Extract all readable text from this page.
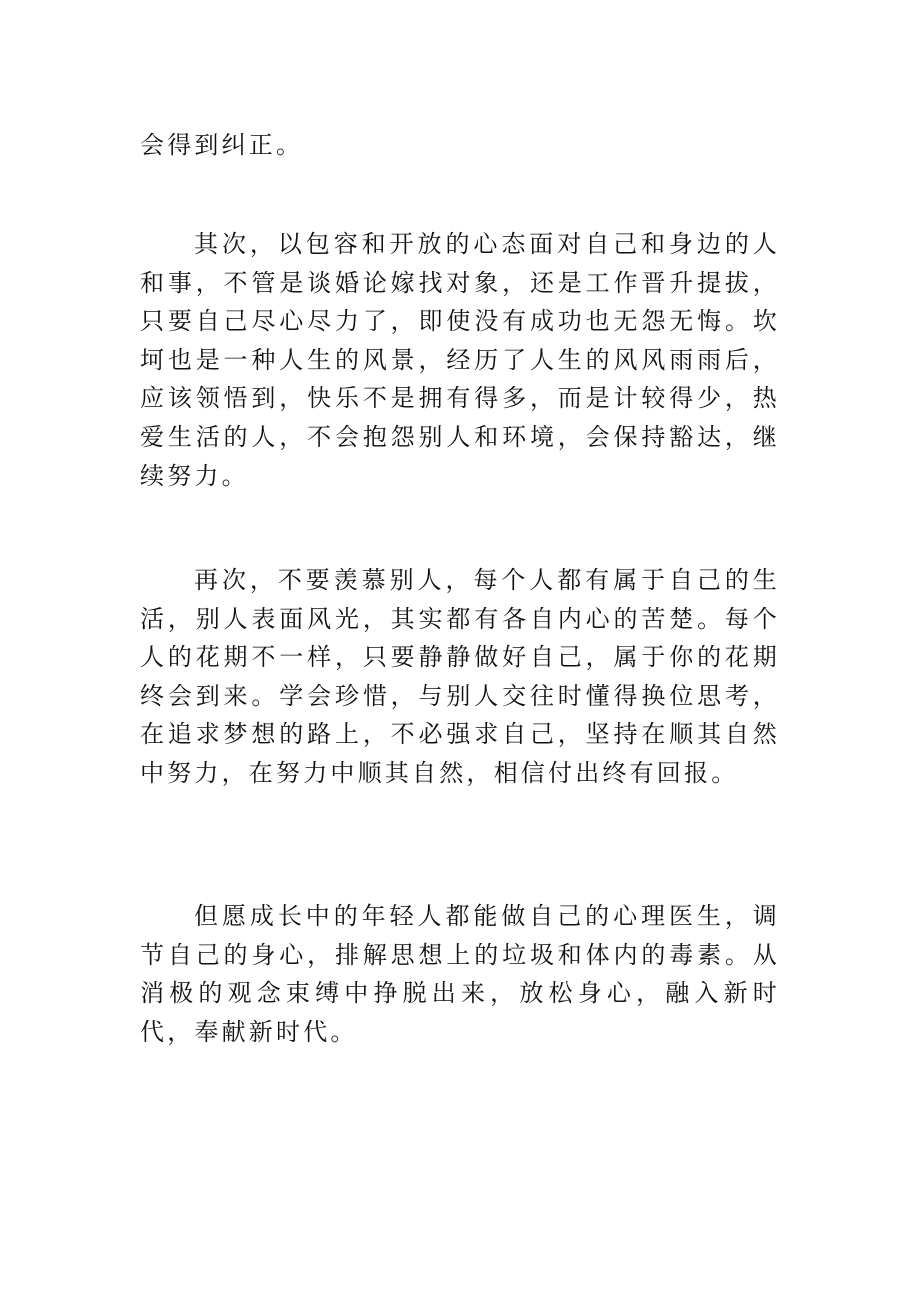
会得到纠正。

其次，以包容和开放的心态面对自己和身边的人和事，不管是谈婚论嫁找对象，还是工作晋升提拔，只要自己尽心尽力了，即使没有成功也无怨无悔。坎坷也是一种人生的风景，经历了人生的风风雨雨后，应该领悟到，快乐不是拥有得多，而是计较得少，热爱生活的人，不会抱怨别人和环境，会保持豁达，继续努力。

再次，不要羡慕别人，每个人都有属于自己的生活，别人表面风光，其实都有各自内心的苦楚。每个人的花期不一样，只要静静做好自己，属于你的花期终会到来。学会珍惜，与别人交往时懂得换位思考，在追求梦想的路上，不必强求自己，坚持在顺其自然中努力，在努力中顺其自然，相信付出终有回报。

但愿成长中的年轻人都能做自己的心理医生，调节自己的身心，排解思想上的垃圾和体内的毒素。从消极的观念束缚中挣脱出来，放松身心，融入新时代，奉献新时代。
